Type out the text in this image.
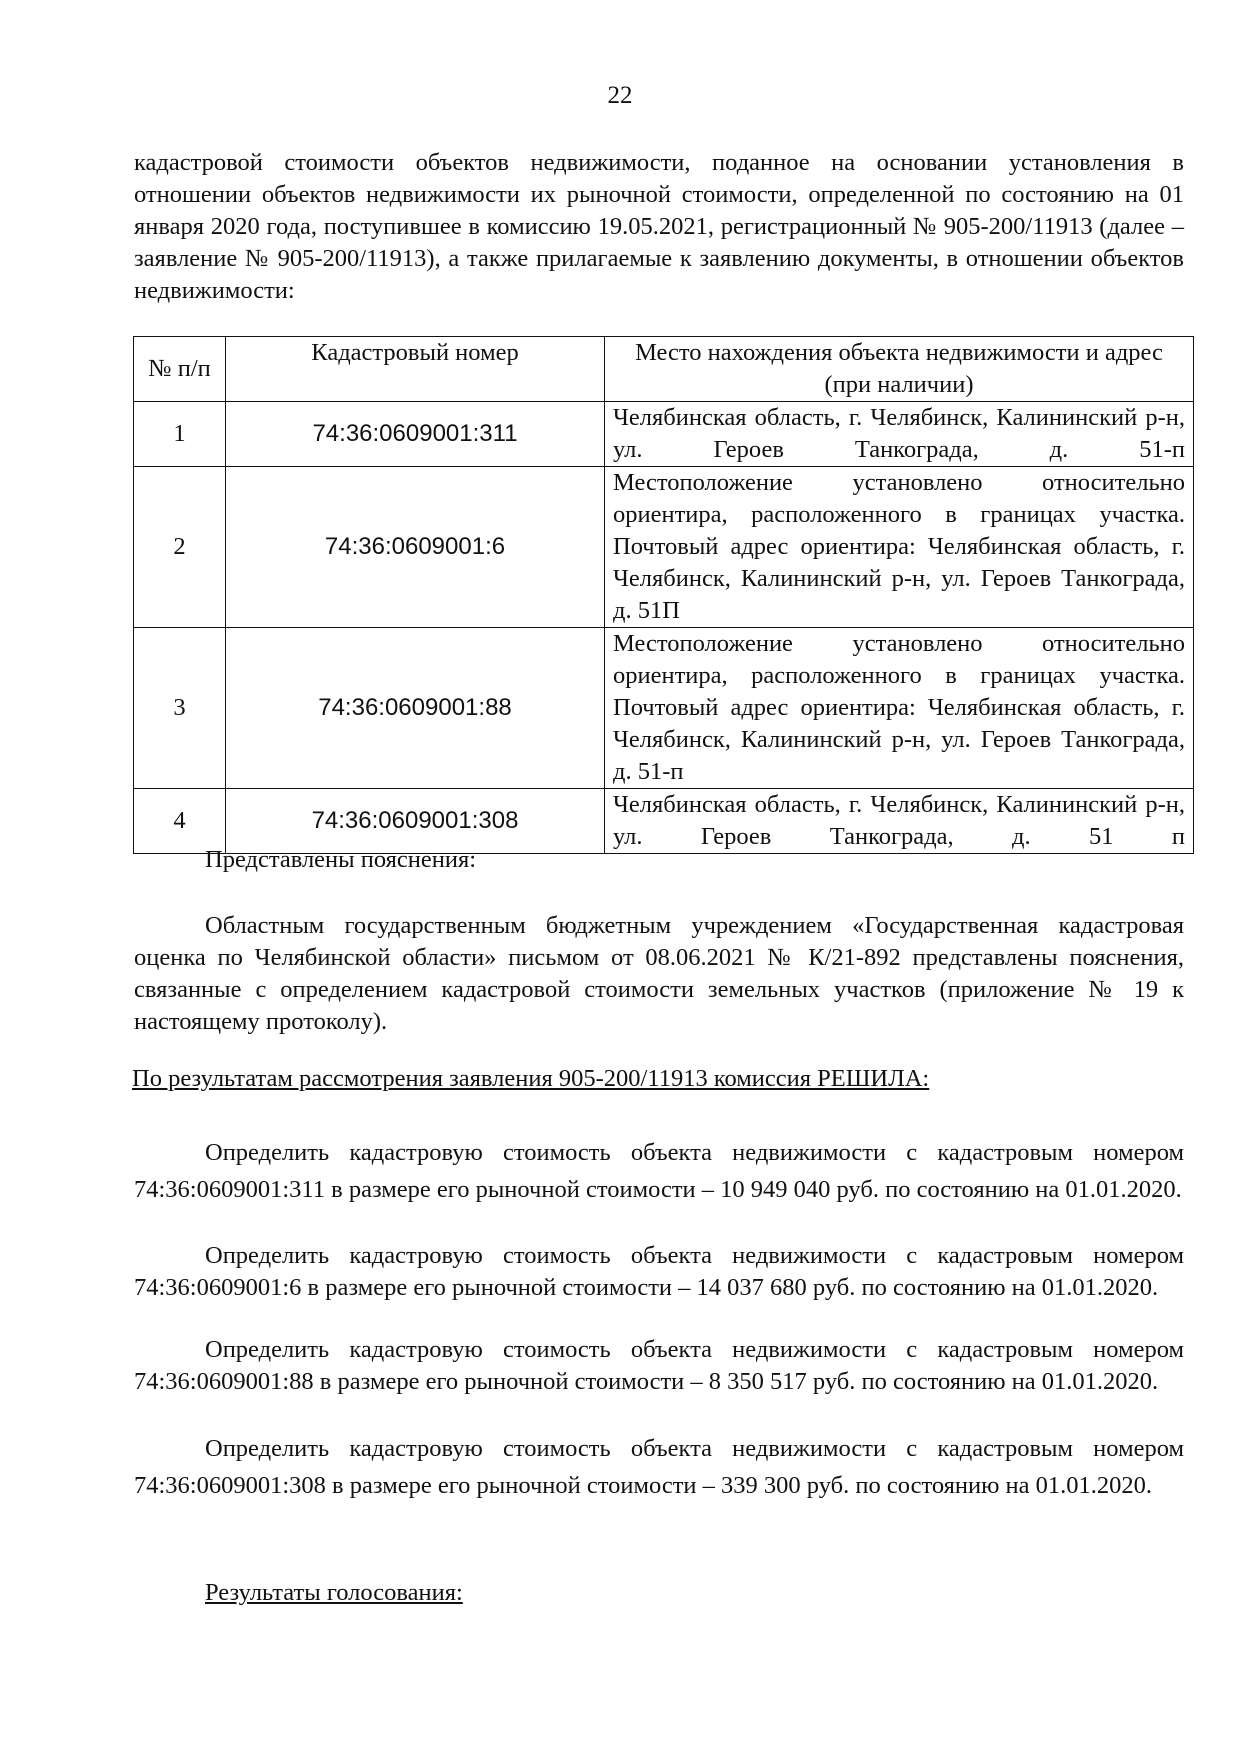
22

кадастровой стоимости объектов недвижимости, поданное на основании установления в отношении объектов недвижимости их рыночной стоимости, определенной по состоянию на 01 января 2020 года, поступившее в комиссию 19.05.2021, регистрационный № 905-200/11913 (далее – заявление № 905-200/11913), а также прилагаемые к заявлению документы, в отношении объектов недвижимости:

№ п/п	Кадастровый номер	Место нахождения объекта недвижимости и адрес (при наличии)
1	74:36:0609001:311	Челябинская область, г. Челябинск, Калининский р-н, ул. Героев Танкограда, д. 51-п
2	74:36:0609001:6	Местоположение установлено относительно ориентира, расположенного в границах участка. Почтовый адрес ориентира: Челябинская область, г. Челябинск, Калининский р-н, ул. Героев Танкограда, д. 51П
3	74:36:0609001:88	Местоположение установлено относительно ориентира, расположенного в границах участка. Почтовый адрес ориентира: Челябинская область, г. Челябинск, Калининский р-н, ул. Героев Танкограда, д. 51-п
4	74:36:0609001:308	Челябинская область, г. Челябинск, Калининский р-н, ул. Героев Танкограда, д. 51 п

Представлены пояснения:

Областным государственным бюджетным учреждением «Государственная кадастровая оценка по Челябинской области» письмом от 08.06.2021 № К/21-892 представлены пояснения, связанные с определением кадастровой стоимости земельных участков (приложение № 19 к настоящему протоколу).

По результатам рассмотрения заявления 905-200/11913 комиссия РЕШИЛА:

Определить кадастровую стоимость объекта недвижимости с кадастровым номером 74:36:0609001:311 в размере его рыночной стоимости – 10 949 040 руб. по состоянию на 01.01.2020.

Определить кадастровую стоимость объекта недвижимости с кадастровым номером 74:36:0609001:6 в размере его рыночной стоимости – 14 037 680 руб. по состоянию на 01.01.2020.

Определить кадастровую стоимость объекта недвижимости с кадастровым номером 74:36:0609001:88 в размере его рыночной стоимости – 8 350 517 руб. по состоянию на 01.01.2020.

Определить кадастровую стоимость объекта недвижимости с кадастровым номером 74:36:0609001:308 в размере его рыночной стоимости – 339 300 руб. по состоянию на 01.01.2020.

Результаты голосования:
